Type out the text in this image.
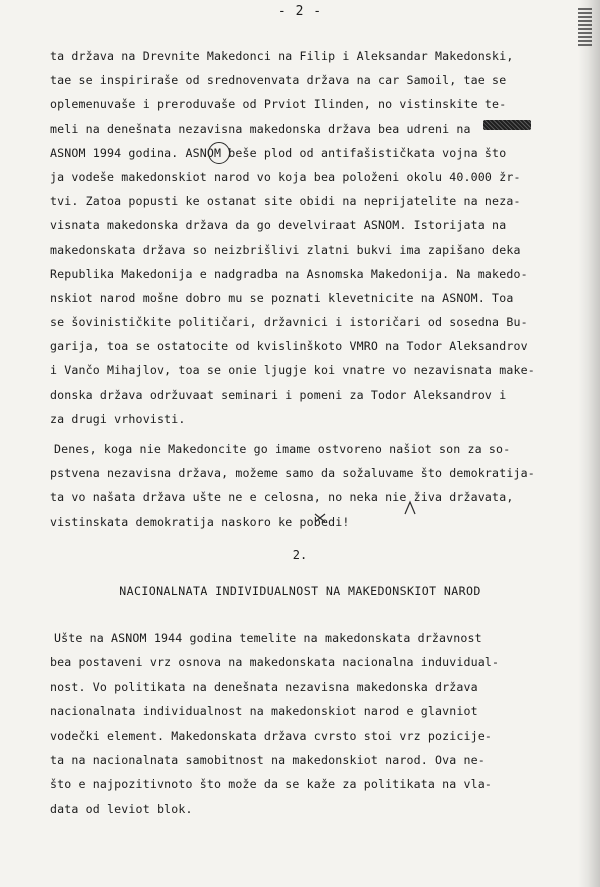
- 2 -
ta država na Drevnite Makedonci na Filip i Aleksandar Makedonski,
tae se inspiriraše od srednovenvata država na car Samoil, tae se
oplemenuvaše i preroduvaše od Prviot Ilinden, no vistinskite te-
meli na denešnata nezavisna makedonska država bea udreni na
ASNOM 1994 godina. ASNOM beše plod od antifašističkata vojna što
ja vodeše makedonskiot narod vo koja bea položeni okolu 40.000 žr-
tvi. Zatoa popusti ke ostanat site obidi na neprijatelite na neza-
visnata makedonska država da go develviraat ASNOM. Istorijata na
makedonskata država so neizbrišlivi zlatni bukvi ima zapišano deka
Republika Makedonija e nadgradba na Asnomska Makedonija. Na makedo-
nskiot narod mošne dobro mu se poznati klevetnicite na ASNOM. Toa
se šovinističkite političari, državnici i istoričari od sosedna Bu-
garija, toa se ostatocite od kvislinškoto VMRO na Todor Aleksandrov
i Vančo Mihajlov, toa se onie ljugje koi vnatre vo nezavisnata make-
donska država održuvaat seminari i pomeni za Todor Aleksandrov i
za drugi vrhovisti.
Denes, koga nie Makedoncite go imame ostvoreno našiot son za so-
pstvena nezavisna država, možeme samo da sožaluvame što demokratija-
ta vo našata država ušte ne e celosna, no neka nie živa državata,
vistinskata demokratija naskoro ke pobedi!
2.
NACIONALNATA INDIVIDUALNOST NA MAKEDONSKIOT NAROD
Ušte na ASNOM 1944 godina temelite na makedonskata državnost
bea postaveni vrz osnova na makedonskata nacionalna induvidual-
nost. Vo politikata na denešnata nezavisna makedonska država
nacionalnata individualnost na makedonskiot narod e glavniot
vodečki element. Makedonskata država cvrsto stoi vrz pozicije-
ta na nacionalnata samobitnost na makedonskiot narod. Ova ne-
što e najpozitivnoto što može da se kaže za politikata na vla-
data od leviot blok.
